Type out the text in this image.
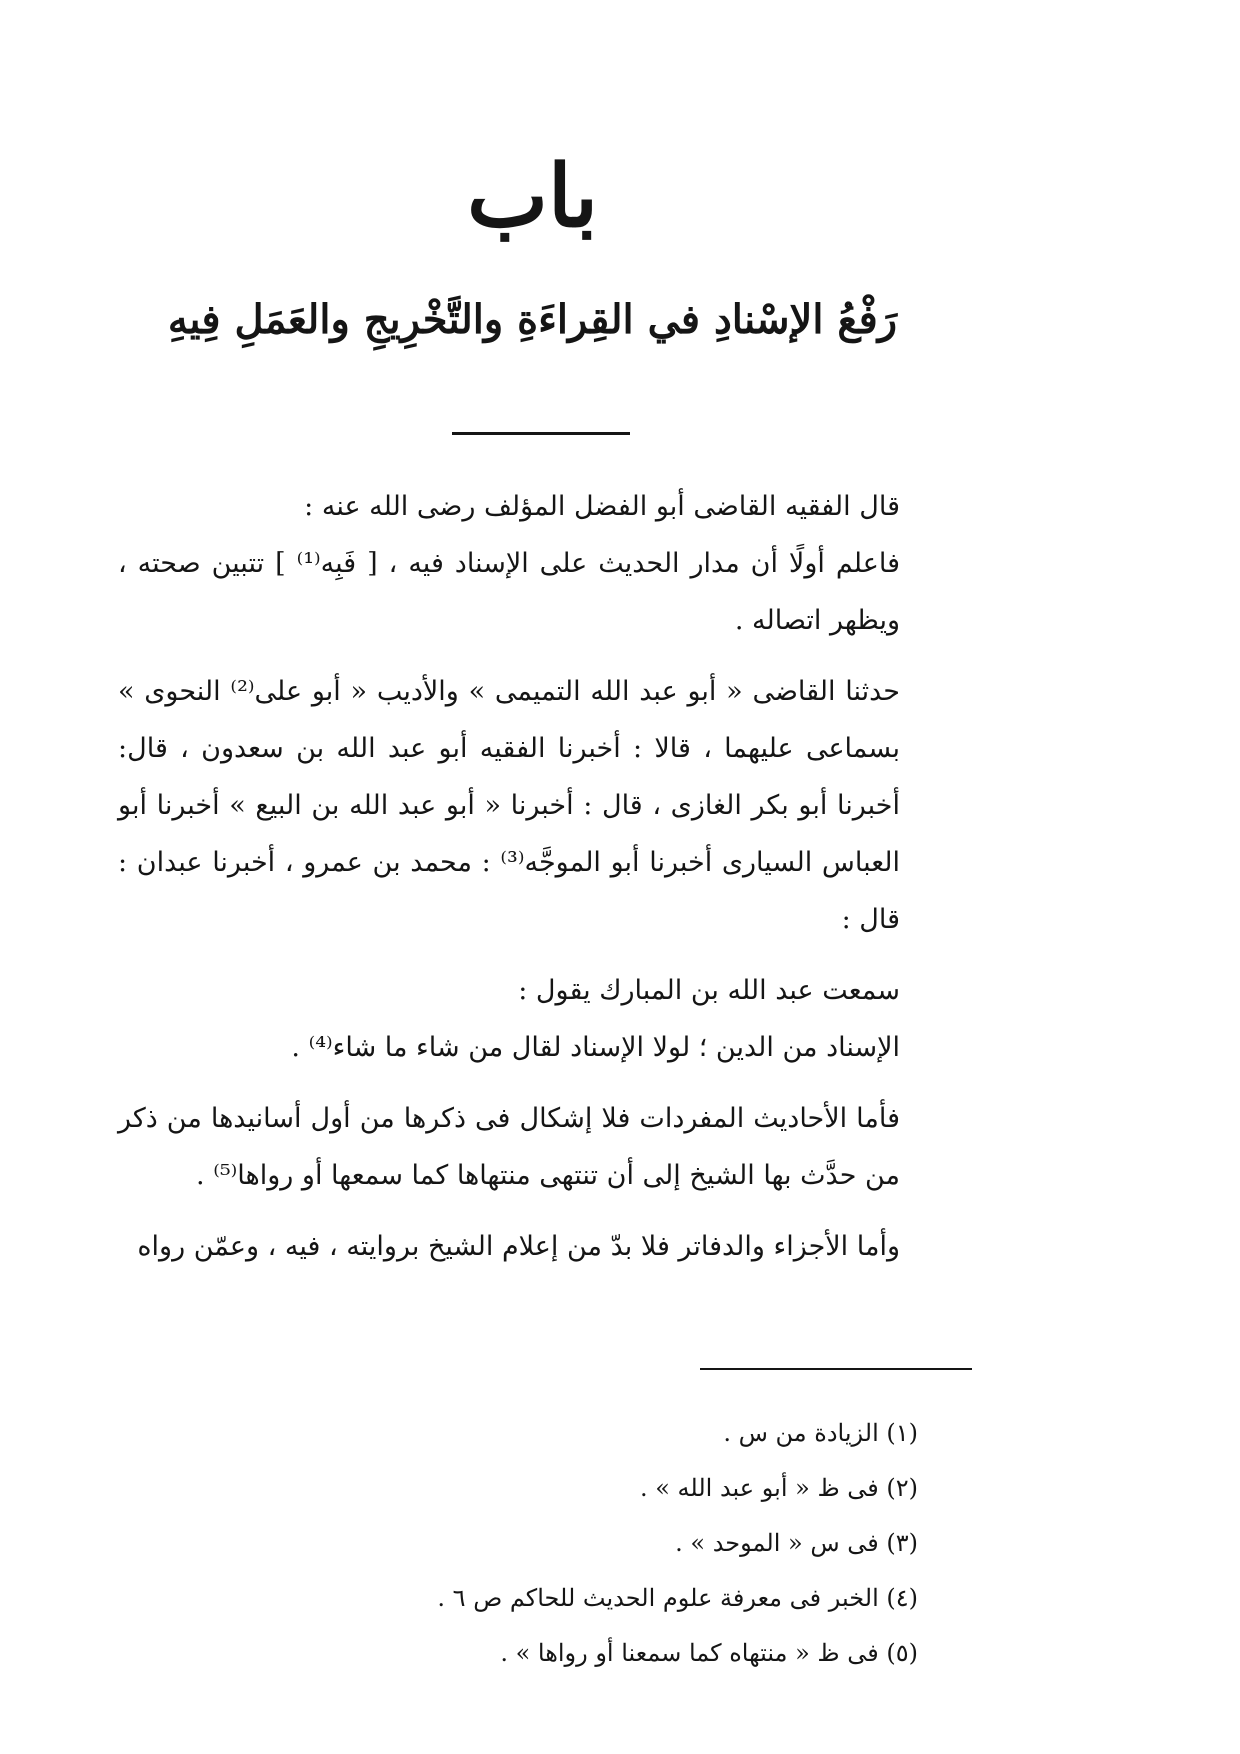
باب
رَفْعُ الإسْنادِ في القِراءَةِ والتَّخْرِيجِ والعَمَلِ فِيهِ

قال الفقيه القاضى أبو الفضل المؤلف رضى الله عنه :

فاعلم أولًا أن مدار الحديث على الإسناد فيه ، [ فَبِه⁽¹⁾ ] تتبين صحته ، ويظهر اتصاله .

حدثنا القاضى « أبو عبد الله التميمى » والأديب « أبو على⁽²⁾ النحوى » بسماعى عليهما ، قالا : أخبرنا الفقيه أبو عبد الله بن سعدون ، قال: أخبرنا أبو بكر الغازى ، قال : أخبرنا « أبو عبد الله بن البيع » أخبرنا أبو العباس السيارى أخبرنا أبو الموجَّه⁽³⁾ : محمد بن عمرو ، أخبرنا عبدان : قال :

سمعت عبد الله بن المبارك يقول :

الإسناد من الدين ؛ لولا الإسناد لقال من شاء ما شاء⁽⁴⁾ .

فأما الأحاديث المفردات فلا إشكال فى ذكرها من أول أسانيدها من ذكر من حدَّث بها الشيخ إلى أن تنتهى منتهاها كما سمعها أو رواها⁽⁵⁾ .

وأما الأجزاء والدفاتر فلا بدّ من إعلام الشيخ بروايته ، فيه ، وعمّن رواه

(١) الزيادة من س .

(٢) فى ظ « أبو عبد الله » .

(٣) فى س « الموحد » .

(٤) الخبر فى معرفة علوم الحديث للحاكم ص ٦ .

(٥) فى ظ « منتهاه كما سمعنا أو رواها » .
